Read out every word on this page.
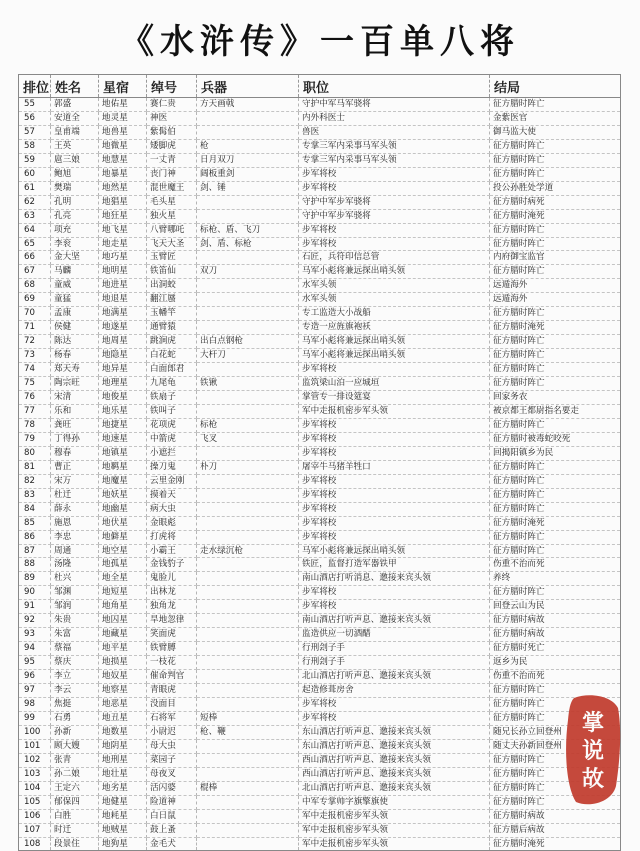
《水浒传》一百单八将
排位	姓名	星宿	绰号	兵器	职位	结局
55	郭盛	地佑星	赛仁贵	方天画戟	守护中军马军骁将	征方腊时阵亡
56	安道全	地灵星	神医		内外科医士	金紫医官
57	皇甫端	地兽星	紫髯伯		兽医	御马监大使
58	王英	地微星	矮脚虎	枪	专掌三军内采事马军头领	征方腊时阵亡
59	扈三娘	地慧星	一丈青	日月双刀	专掌三军内采事马军头领	征方腊时阵亡
60	鲍旭	地暴星	丧门神	阔板重剑	步军将校	征方腊时阵亡
61	樊瑞	地然星	混世魔王	剑、锤	步军将校	投公孙胜处学道
62	孔明	地猖星	毛头星		守护中军步军骁将	征方腊时病死
63	孔亮	地狂星	独火星		守护中军步军骁将	征方腊时淹死
64	项充	地飞星	八臂哪吒	标枪、盾、飞刀	步军将校	征方腊时阵亡
65	李衮	地走星	飞天大圣	剑、盾、标枪	步军将校	征方腊时阵亡
66	金大坚	地巧星	玉臂匠		石匠，兵符印信总管	内府御宝监官
67	马麟	地明星	铁笛仙	双刀	马军小彪将兼远探出哨头领	征方腊时阵亡
68	童威	地进星	出洞蛟		水军头领	远遁海外
69	童猛	地退星	翻江蜃		水军头领	远遁海外
70	孟康	地满星	玉幡竿		专工监造大小战船	征方腊时阵亡
71	侯健	地遂星	通臂猿		专造一应旌旗袍袄	征方腊时淹死
72	陈达	地周星	跳涧虎	出白点钢枪	马军小彪将兼远探出哨头领	征方腊时阵亡
73	杨春	地隐星	白花蛇	大杆刀	马军小彪将兼远探出哨头领	征方腊时阵亡
74	郑天寿	地异星	白面郎君		步军将校	征方腊时阵亡
75	陶宗旺	地理星	九尾龟	铁锹	监筑梁山泊一应城垣	征方腊时阵亡
76	宋清	地俊星	铁扇子		掌管专一排设筵宴	回家务农
77	乐和	地乐星	铁叫子		军中走报机密步军头领	被京都王都尉指名要走
78	龚旺	地捷星	花项虎	标枪	步军将校	征方腊时阵亡
79	丁得孙	地速星	中箭虎	飞叉	步军将校	征方腊时被毒蛇咬死
80	穆春	地镇星	小遮拦		步军将校	回揭阳镇乡为民
81	曹正	地羁星	操刀鬼	朴刀	屠宰牛马猪羊牲口	征方腊时阵亡
82	宋万	地魔星	云里金刚		步军将校	征方腊时阵亡
83	杜迁	地妖星	摸着天		步军将校	征方腊时阵亡
84	薛永	地幽星	病大虫		步军将校	征方腊时阵亡
85	施恩	地伏星	金眼彪		步军将校	征方腊时淹死
86	李忠	地僻星	打虎将		步军将校	征方腊时阵亡
87	周通	地空星	小霸王	走水绿沉枪	马军小彪将兼远探出哨头领	征方腊时阵亡
88	汤隆	地孤星	金钱豹子		铁匠，监督打造军器铁甲	伤重不治而死
89	杜兴	地全星	鬼脸儿		南山酒店打听消息、邀接来宾头领	养终
90	邹渊	地短星	出林龙		步军将校	征方腊时阵亡
91	邹润	地角星	独角龙		步军将校	回登云山为民
92	朱贵	地囚星	旱地忽律		南山酒店打听声息、邀接来宾头领	征方腊时病故
93	朱富	地藏星	笑面虎		监造供应一切酒醋	征方腊时病故
94	蔡福	地平星	铁臂膊		行刑刽子手	征方腊时死亡
95	蔡庆	地损星	一枝花		行刑刽子手	返乡为民
96	李立	地奴星	催命判官		北山酒店打听声息、邀接来宾头领	伤重不治而死
97	李云	地察星	青眼虎		起造修葺房舍	征方腊时阵亡
98	焦挺	地恶星	没面目		步军将校	征方腊时阵亡
99	石勇	地丑星	石将军	短棒	步军将校	征方腊时阵亡
100	孙新	地数星	小尉迟	枪、鞭	东山酒店打听声息、邀接来宾头领	随兄长孙立回登州
101	顾大嫂	地阴星	母大虫		东山酒店打听声息、邀接来宾头领	随丈夫孙新回登州
102	张青	地刑星	菜园子		西山酒店打听声息、邀接来宾头领	征方腊时阵亡
103	孙二娘	地壮星	母夜叉		西山酒店打听声息、邀接来宾头领	征方腊时阵亡
104	王定六	地劣星	活闪婆	棍棒	北山酒店打听声息、邀接来宾头领	征方腊时阵亡
105	郁保四	地健星	险道神		中军专掌帅字旗擎旗使	征方腊时阵亡
106	白胜	地耗星	白日鼠		军中走报机密步军头领	征方腊时病故
107	时迁	地贼星	鼓上蚤		军中走报机密步军头领	征方腊后病故
108	段景住	地狗星	金毛犬		军中走报机密步军头领	征方腊时淹死
掌
说
故
